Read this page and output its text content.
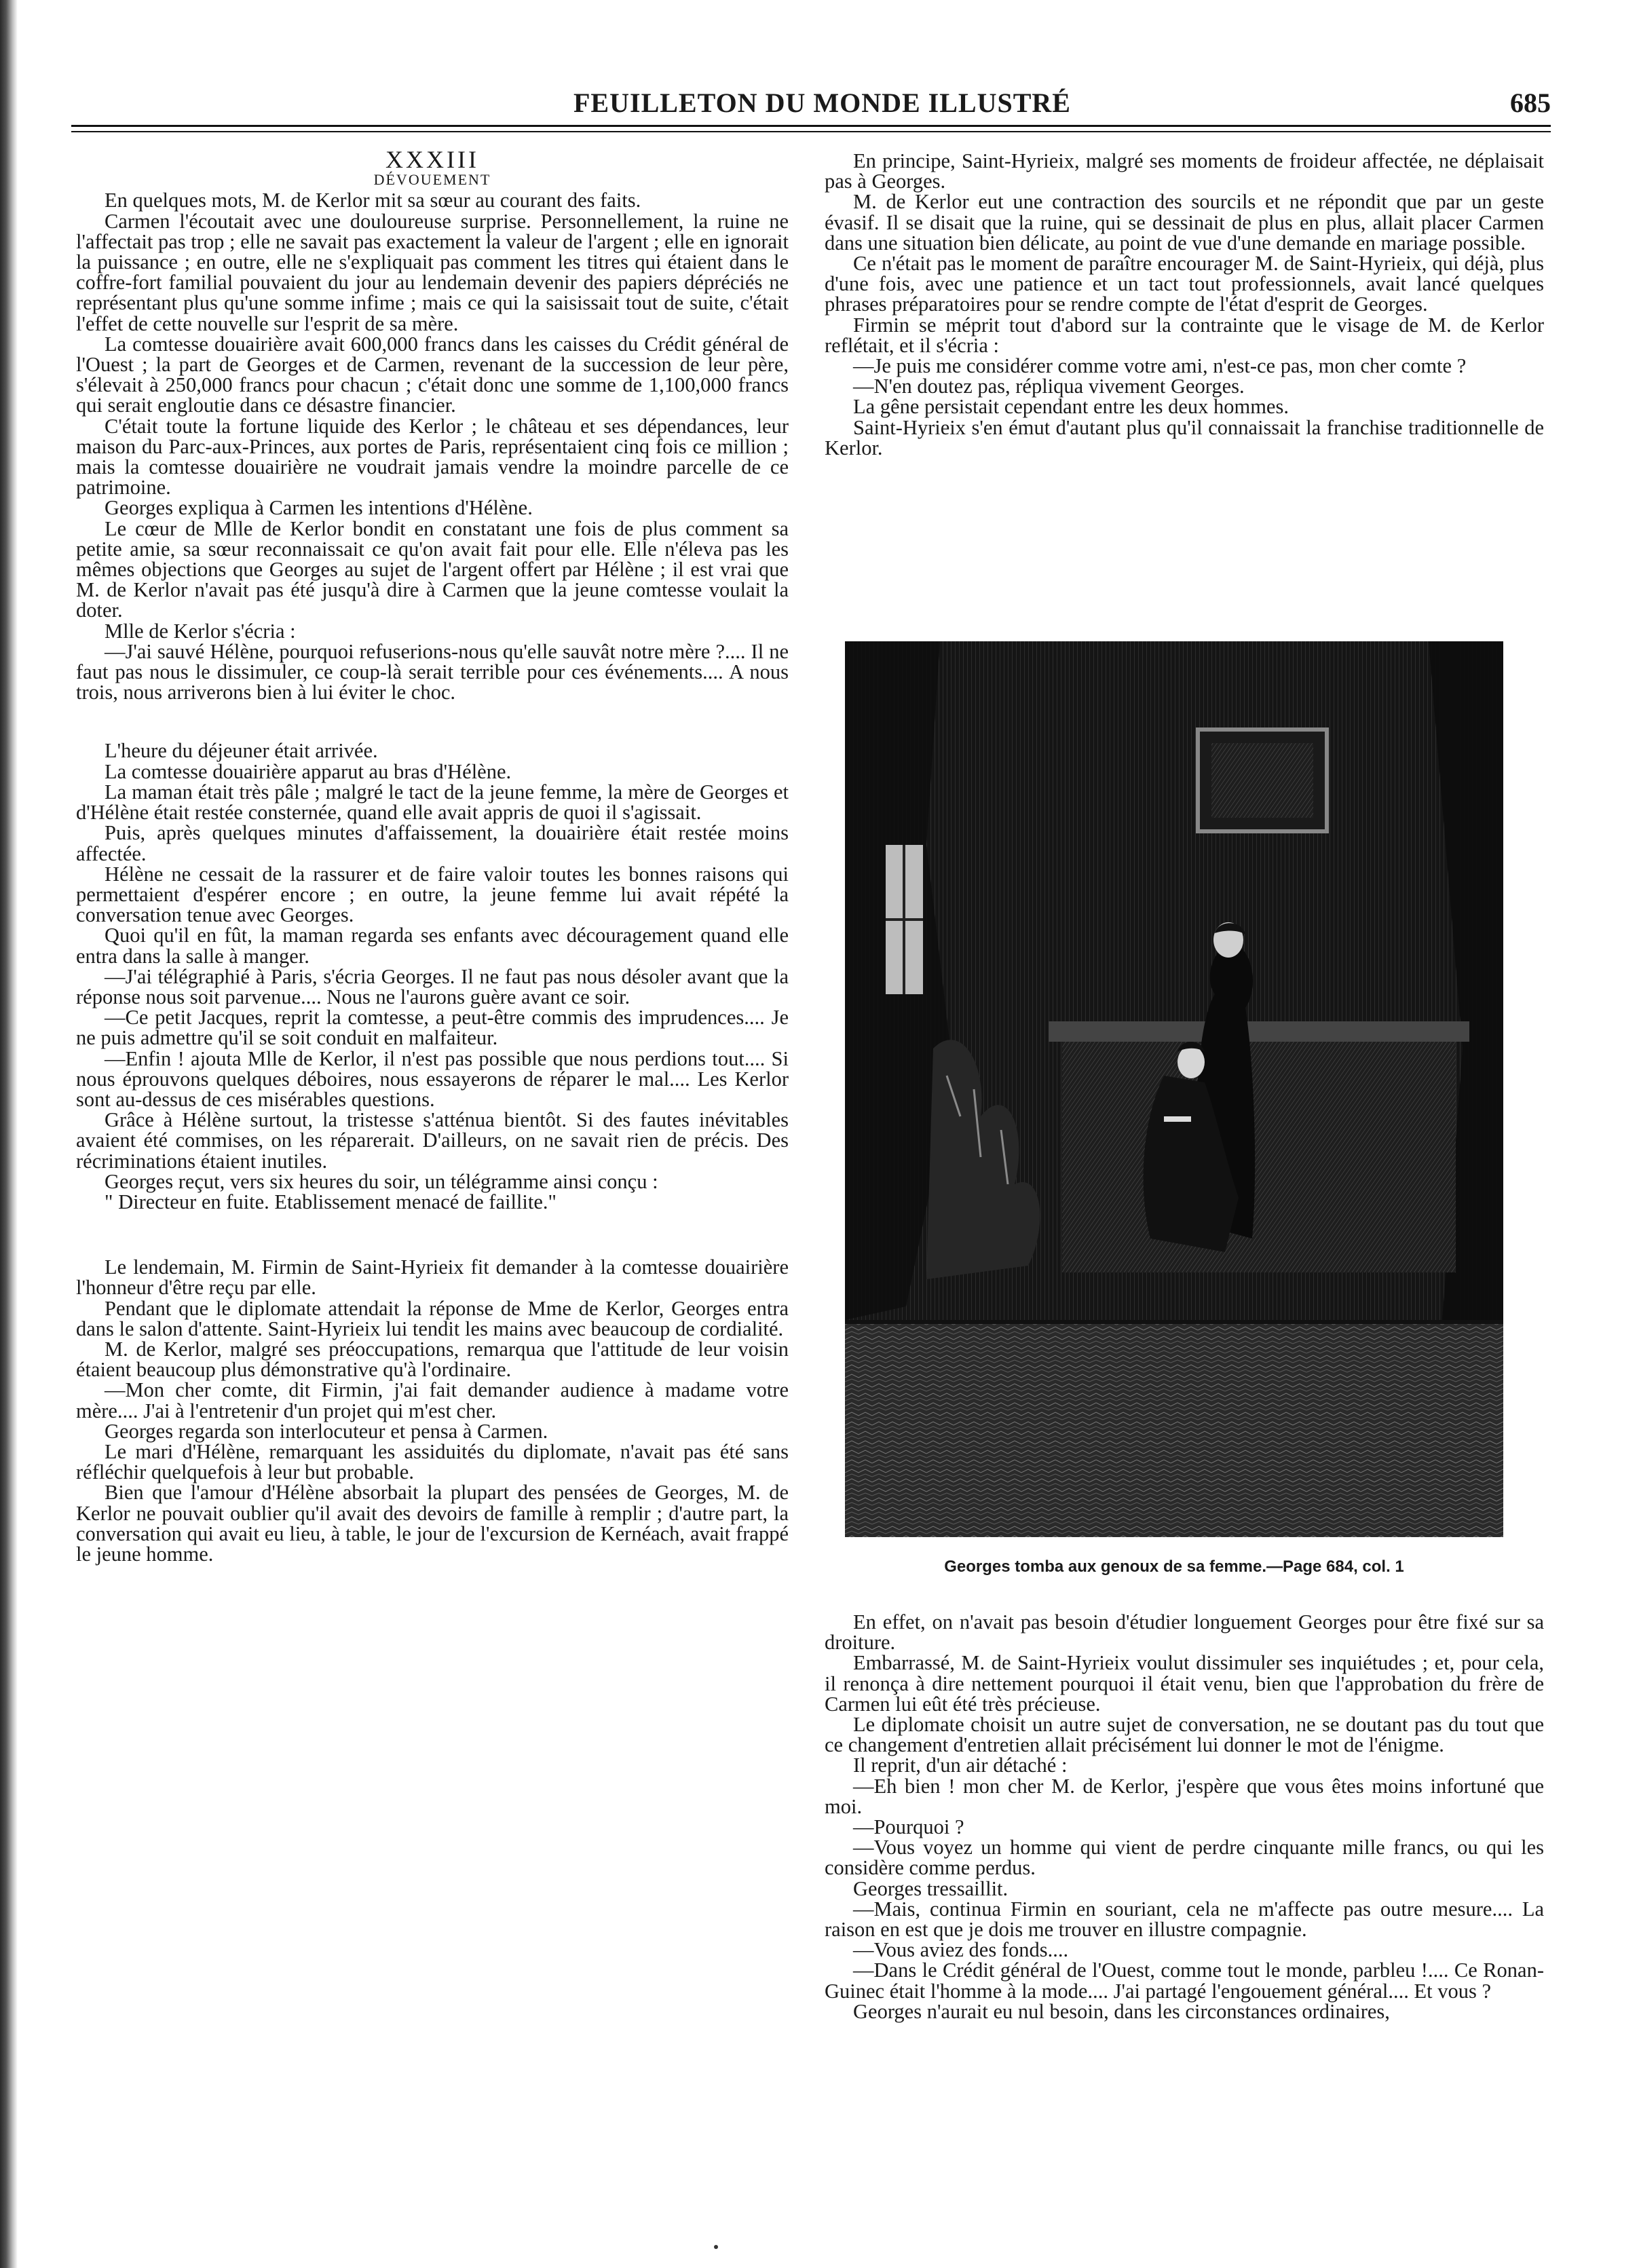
FEUILLETON DU MONDE ILLUSTRÉ	685

XXXIII

DÉVOUEMENT

En quelques mots, M. de Kerlor mit sa sœur au courant des faits.

Carmen l'écoutait avec une douloureuse surprise. Personnellement, la ruine ne l'affectait pas trop ; elle ne savait pas exactement la valeur de l'argent ; elle en ignorait la puissance ; en outre, elle ne s'expliquait pas comment les titres qui étaient dans le coffre-fort familial pouvaient du jour au lendemain devenir des papiers dépréciés ne représentant plus qu'une somme infime ; mais ce qui la saisissait tout de suite, c'était l'effet de cette nouvelle sur l'esprit de sa mère.

La comtesse douairière avait 600,000 francs dans les caisses du Crédit général de l'Ouest ; la part de Georges et de Carmen, revenant de la succession de leur père, s'élevait à 250,000 francs pour chacun ; c'était donc une somme de 1,100,000 francs qui serait engloutie dans ce désastre financier.

C'était toute la fortune liquide des Kerlor ; le château et ses dépendances, leur maison du Parc-aux-Princes, aux portes de Paris, représentaient cinq fois ce million ; mais la comtesse douairière ne voudrait jamais vendre la moindre parcelle de ce patrimoine.

Georges expliqua à Carmen les intentions d'Hélène.

Le cœur de Mlle de Kerlor bondit en constatant une fois de plus comment sa petite amie, sa sœur reconnaissait ce qu'on avait fait pour elle. Elle n'éleva pas les mêmes objections que Georges au sujet de l'argent offert par Hélène ; il est vrai que M. de Kerlor n'avait pas été jusqu'à dire à Carmen que la jeune comtesse voulait la doter.

Mlle de Kerlor s'écria :

—J'ai sauvé Hélène, pourquoi refuserions-nous qu'elle sauvât notre mère ?.... Il ne faut pas nous le dissimuler, ce coup-là serait terrible pour ces événements.... A nous trois, nous arriverons bien à lui éviter le choc.

L'heure du déjeuner était arrivée.

La comtesse douairière apparut au bras d'Hélène.

La maman était très pâle ; malgré le tact de la jeune femme, la mère de Georges et d'Hélène était restée consternée, quand elle avait appris de quoi il s'agissait.

Puis, après quelques minutes d'affaissement, la douairière était restée moins affectée.

Hélène ne cessait de la rassurer et de faire valoir toutes les bonnes raisons qui permettaient d'espérer encore ; en outre, la jeune femme lui avait répété la conversation tenue avec Georges.

Quoi qu'il en fût, la maman regarda ses enfants avec découragement quand elle entra dans la salle à manger.

—J'ai télégraphié à Paris, s'écria Georges. Il ne faut pas nous désoler avant que la réponse nous soit parvenue.... Nous ne l'aurons guère avant ce soir.

—Ce petit Jacques, reprit la comtesse, a peut-être commis des imprudences.... Je ne puis admettre qu'il se soit conduit en malfaiteur.

—Enfin ! ajouta Mlle de Kerlor, il n'est pas possible que nous perdions tout.... Si nous éprouvons quelques déboires, nous essayerons de réparer le mal.... Les Kerlor sont au-dessus de ces misérables questions.

Grâce à Hélène surtout, la tristesse s'atténua bientôt. Si des fautes inévitables avaient été commises, on les réparerait. D'ailleurs, on ne savait rien de précis. Des récriminations étaient inutiles.

Georges reçut, vers six heures du soir, un télégramme ainsi conçu :

" Directeur en fuite. Etablissement menacé de faillite."

Le lendemain, M. Firmin de Saint-Hyrieix fit demander à la comtesse douairière l'honneur d'être reçu par elle.

Pendant que le diplomate attendait la réponse de Mme de Kerlor, Georges entra dans le salon d'attente. Saint-Hyrieix lui tendit les mains avec beaucoup de cordialité.

M. de Kerlor, malgré ses préoccupations, remarqua que l'attitude de leur voisin étaient beaucoup plus démonstrative qu'à l'ordinaire.

—Mon cher comte, dit Firmin, j'ai fait demander audience à madame votre mère.... J'ai à l'entretenir d'un projet qui m'est cher.

Georges regarda son interlocuteur et pensa à Carmen.

Le mari d'Hélène, remarquant les assiduités du diplomate, n'avait pas été sans réfléchir quelquefois à leur but probable.

Bien que l'amour d'Hélène absorbait la plupart des pensées de Georges, M. de Kerlor ne pouvait oublier qu'il avait des devoirs de famille à remplir ; d'autre part, la conversation qui avait eu lieu, à table, le jour de l'excursion de Kernéach, avait frappé le jeune homme.

En principe, Saint-Hyrieix, malgré ses moments de froideur affectée, ne déplaisait pas à Georges.

M. de Kerlor eut une contraction des sourcils et ne répondit que par un geste évasif. Il se disait que la ruine, qui se dessinait de plus en plus, allait placer Carmen dans une situation bien délicate, au point de vue d'une demande en mariage possible.

Ce n'était pas le moment de paraître encourager M. de Saint-Hyrieix, qui déjà, plus d'une fois, avec une patience et un tact tout professionnels, avait lancé quelques phrases préparatoires pour se rendre compte de l'état d'esprit de Georges.

Firmin se méprit tout d'abord sur la contrainte que le visage de M. de Kerlor reflétait, et il s'écria :

—Je puis me considérer comme votre ami, n'est-ce pas, mon cher comte ?

—N'en doutez pas, répliqua vivement Georges.

La gêne persistait cependant entre les deux hommes.

Saint-Hyrieix s'en émut d'autant plus qu'il connaissait la franchise traditionnelle de Kerlor.

Georges tomba aux genoux de sa femme.—Page 684, col. 1

En effet, on n'avait pas besoin d'étudier longuement Georges pour être fixé sur sa droiture.

Embarrassé, M. de Saint-Hyrieix voulut dissimuler ses inquiétudes ; et, pour cela, il renonça à dire nettement pourquoi il était venu, bien que l'approbation du frère de Carmen lui eût été très précieuse.

Le diplomate choisit un autre sujet de conversation, ne se doutant pas du tout que ce changement d'entretien allait précisément lui donner le mot de l'énigme.

Il reprit, d'un air détaché :

—Eh bien ! mon cher M. de Kerlor, j'espère que vous êtes moins infortuné que moi.

—Pourquoi ?

—Vous voyez un homme qui vient de perdre cinquante mille francs, ou qui les considère comme perdus.

Georges tressaillit.

—Mais, continua Firmin en souriant, cela ne m'affecte pas outre mesure.... La raison en est que je dois me trouver en illustre compagnie.

—Vous aviez des fonds....

—Dans le Crédit général de l'Ouest, comme tout le monde, parbleu !.... Ce Ronan-Guinec était l'homme à la mode.... J'ai partagé l'engouement général.... Et vous ?

Georges n'aurait eu nul besoin, dans les circonstances ordinaires,
